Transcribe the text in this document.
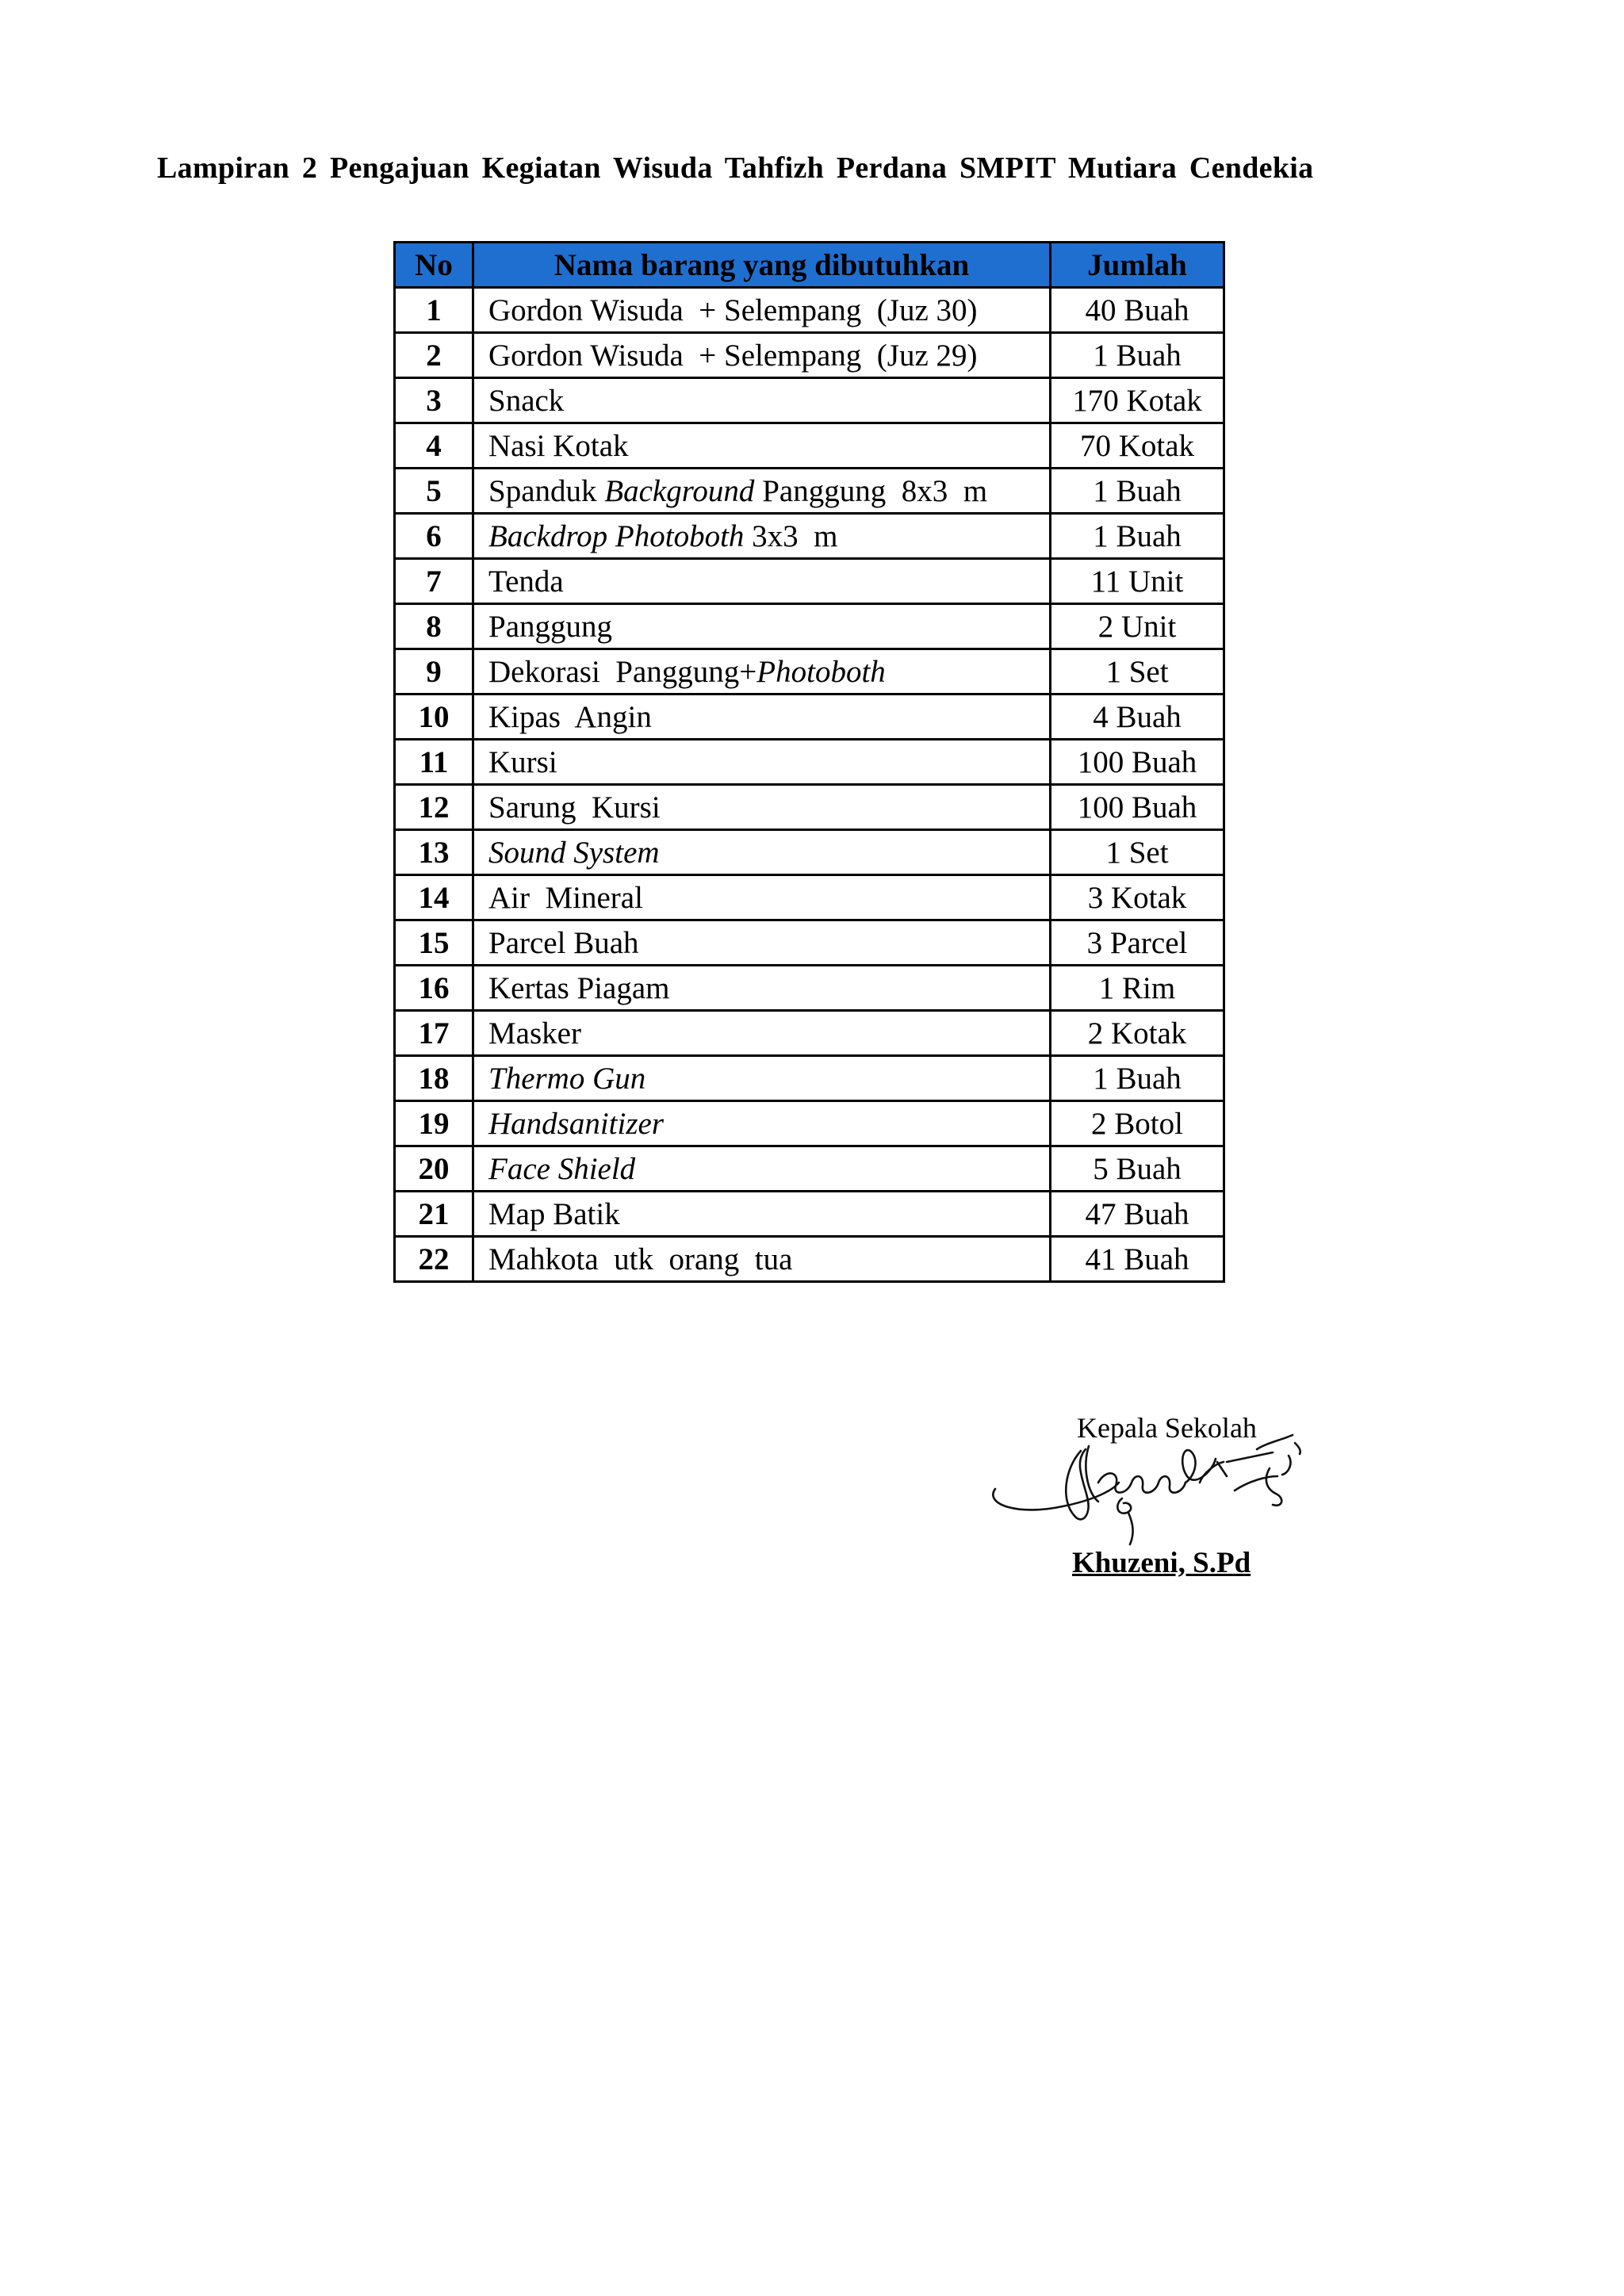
Lampiran 2 Pengajuan Kegiatan Wisuda Tahfizh Perdana SMPIT Mutiara Cendekia
No	Nama barang yang dibutuhkan	Jumlah
1	Gordon Wisuda  + Selempang  (Juz 30)	40 Buah
2	Gordon Wisuda  + Selempang  (Juz 29)	1 Buah
3	Snack	170 Kotak
4	Nasi Kotak	70 Kotak
5	Spanduk Background Panggung  8x3  m	1 Buah
6	Backdrop Photoboth 3x3  m	1 Buah
7	Tenda	11 Unit
8	Panggung	2 Unit
9	Dekorasi  Panggung+Photoboth	1 Set
10	Kipas  Angin	4 Buah
11	Kursi	100 Buah
12	Sarung  Kursi	100 Buah
13	Sound System	1 Set
14	Air  Mineral	3 Kotak
15	Parcel Buah	3 Parcel
16	Kertas Piagam	1 Rim
17	Masker	2 Kotak
18	Thermo Gun	1 Buah
19	Handsanitizer	2 Botol
20	Face Shield	5 Buah
21	Map Batik	47 Buah
22	Mahkota  utk  orang  tua	41 Buah
Kepala Sekolah
Khuzeni, S.Pd
